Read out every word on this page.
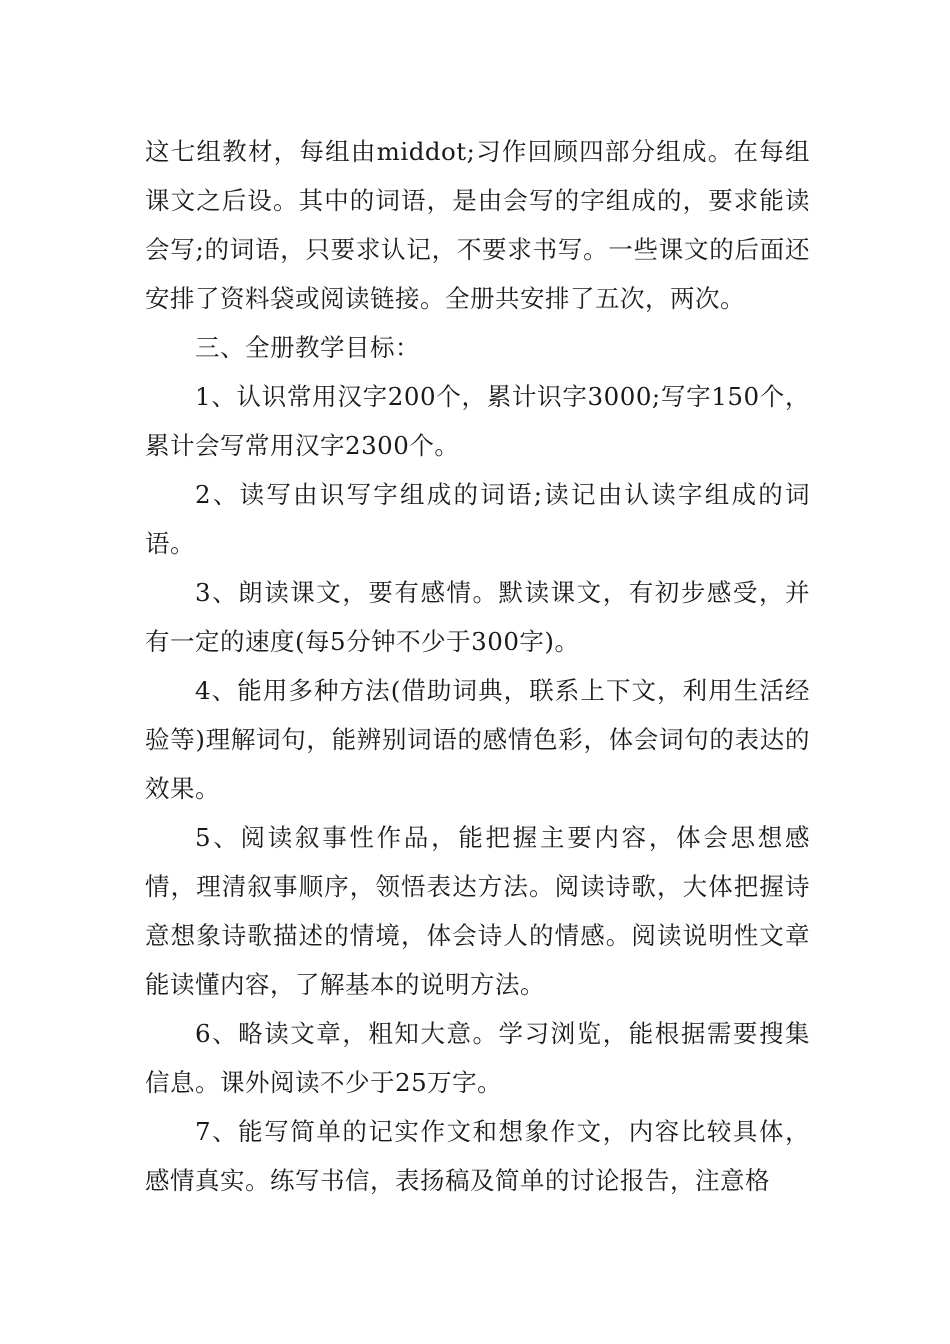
这七组教材，每组由middot;习作回顾四部分组成。在每组课文之后设。其中的词语，是由会写的字组成的，要求能读会写;的词语，只要求认记，不要求书写。一些课文的后面还安排了资料袋或阅读链接。全册共安排了五次，两次。

三、全册教学目标：

1、认识常用汉字200个，累计识字3000;写字150个，累计会写常用汉字2300个。

2、读写由识写字组成的词语;读记由认读字组成的词语。

3、朗读课文，要有感情。默读课文，有初步感受，并有一定的速度(每5分钟不少于300字)。

4、能用多种方法(借助词典，联系上下文，利用生活经验等)理解词句，能辨别词语的感情色彩，体会词句的表达的效果。

5、阅读叙事性作品，能把握主要内容，体会思想感情，理清叙事顺序，领悟表达方法。阅读诗歌，大体把握诗意想象诗歌描述的情境，体会诗人的情感。阅读说明性文章能读懂内容，了解基本的说明方法。

6、略读文章，粗知大意。学习浏览，能根据需要搜集信息。课外阅读不少于25万字。

7、能写简单的记实作文和想象作文，内容比较具体，感情真实。练写书信，表扬稿及简单的讨论报告，注意格
